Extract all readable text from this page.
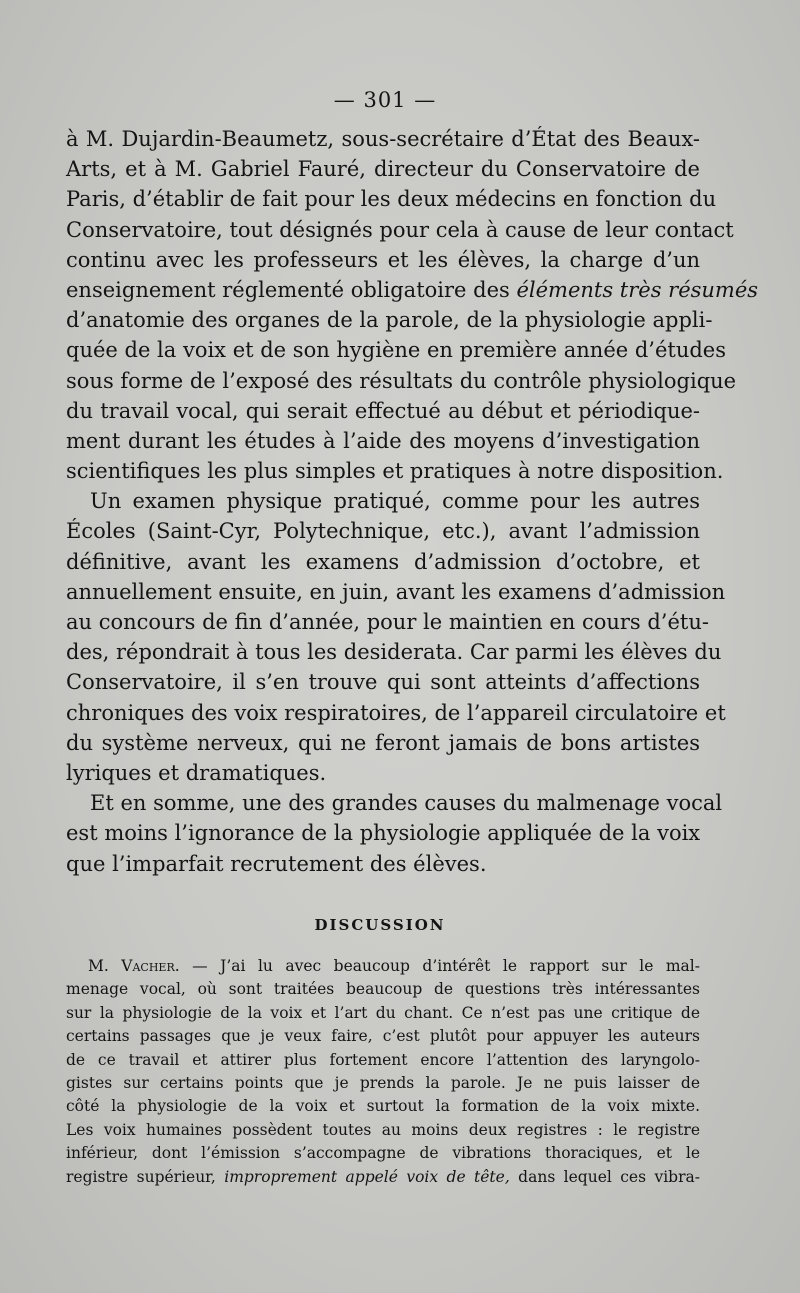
— 301 —
à M. Dujardin-Beaumetz, sous-secrétaire d’État des Beaux-
Arts, et à M. Gabriel Fauré, directeur du Conservatoire de
Paris, d’établir de fait pour les deux médecins en fonction du
Conservatoire, tout désignés pour cela à cause de leur contact
continu avec les professeurs et les élèves, la charge d’un
enseignement réglementé obligatoire des éléments très résumés
d’anatomie des organes de la parole, de la physiologie appli-
quée de la voix et de son hygiène en première année d’études
sous forme de l’exposé des résultats du contrôle physiologique
du travail vocal, qui serait effectué au début et périodique-
ment durant les études à l’aide des moyens d’investigation
scientifiques les plus simples et pratiques à notre disposition.
Un examen physique pratiqué, comme pour les autres
Écoles (Saint-Cyr, Polytechnique, etc.), avant l’admission
définitive, avant les examens d’admission d’octobre, et
annuellement ensuite, en juin, avant les examens d’admission
au concours de fin d’année, pour le maintien en cours d’étu-
des, répondrait à tous les desiderata. Car parmi les élèves du
Conservatoire, il s’en trouve qui sont atteints d’affections
chroniques des voix respiratoires, de l’appareil circulatoire et
du système nerveux, qui ne feront jamais de bons artistes
lyriques et dramatiques.
Et en somme, une des grandes causes du malmenage vocal
est moins l’ignorance de la physiologie appliquée de la voix
que l’imparfait recrutement des élèves.
DISCUSSION
M. Vacher. — J’ai lu avec beaucoup d’intérêt le rapport sur le mal-
menage vocal, où sont traitées beaucoup de questions très intéressantes
sur la physiologie de la voix et l’art du chant. Ce n’est pas une critique de
certains passages que je veux faire, c’est plutôt pour appuyer les auteurs
de ce travail et attirer plus fortement encore l’attention des laryngolo-
gistes sur certains points que je prends la parole. Je ne puis laisser de
côté la physiologie de la voix et surtout la formation de la voix mixte.
Les voix humaines possèdent toutes au moins deux registres : le registre
inférieur, dont l’émission s’accompagne de vibrations thoraciques, et le
registre supérieur, improprement appelé voix de tête, dans lequel ces vibra-
